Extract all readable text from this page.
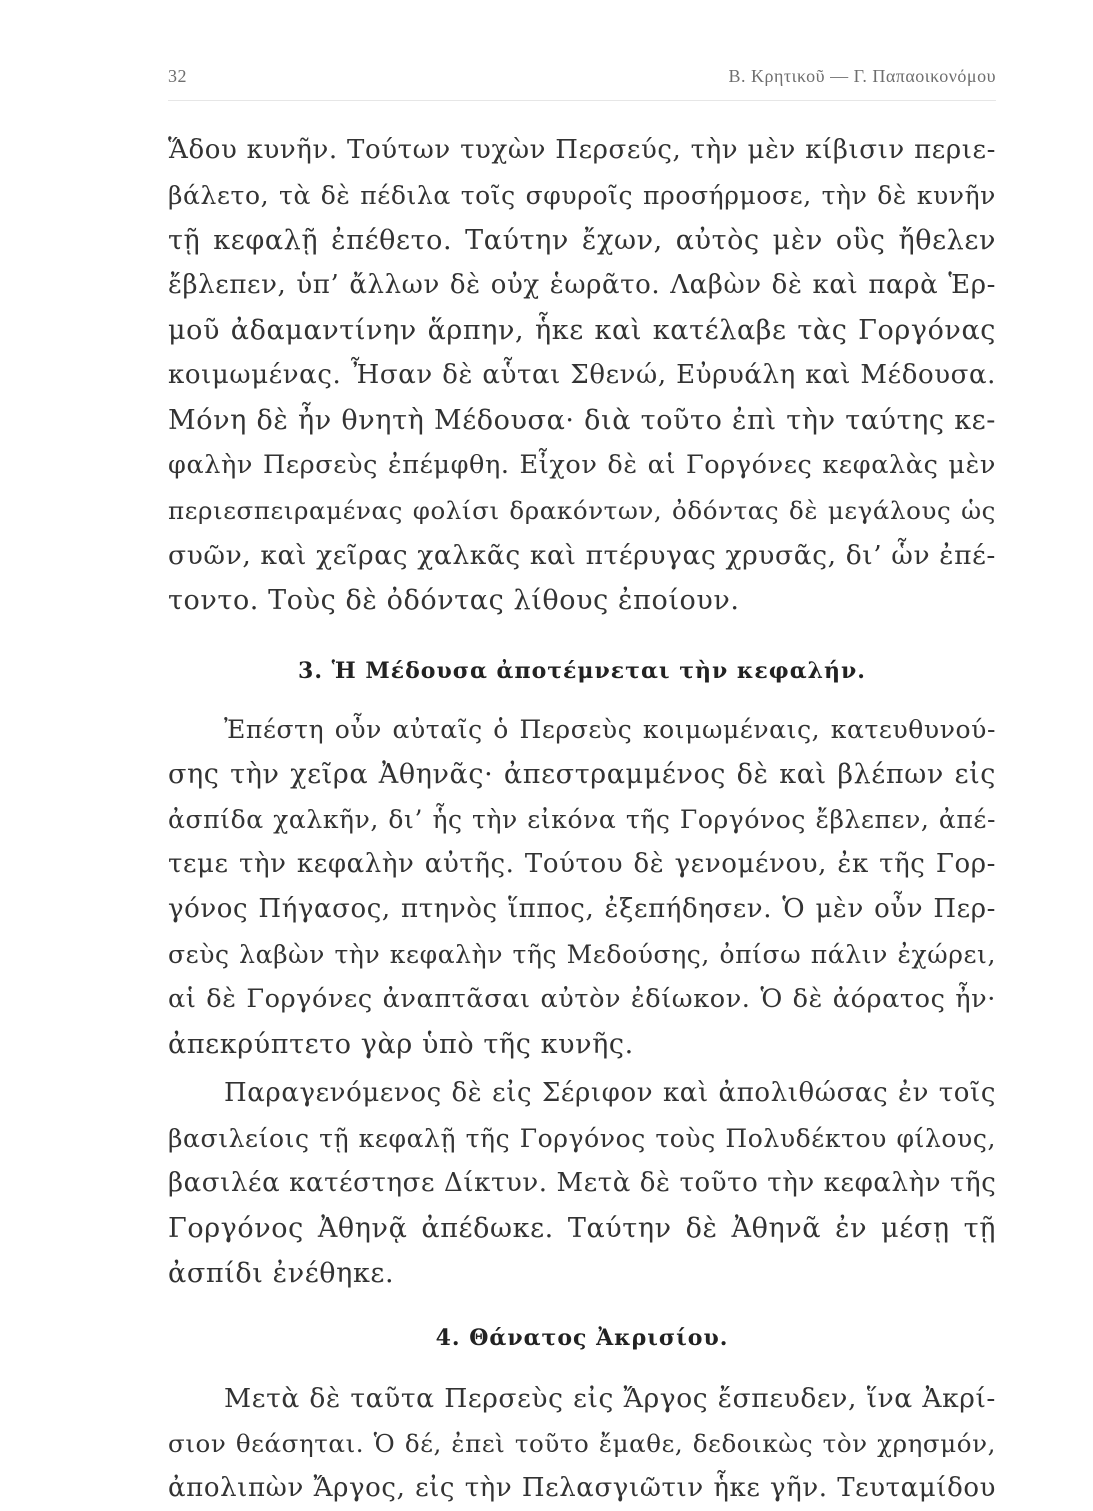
32	Β. Κρητικοῦ — Γ. Παπαοικονόμου
Ἅδου κυνῆν. Τούτων τυχὼν Περσεύς, τὴν μὲν κίβισιν περιε-
βάλετο, τὰ δὲ πέδιλα τοῖς σφυροῖς προσήρμοσε, τὴν δὲ κυνῆν
τῇ κεφαλῇ ἐπέθετο. Ταύτην ἔχων, αὐτὸς μὲν οὓς ἤθελεν
ἔβλεπεν, ὑπ’ ἄλλων δὲ οὐχ ἑωρᾶτο. Λαβὼν δὲ καὶ παρὰ Ἑρ-
μοῦ ἀδαμαντίνην ἅρπην, ἧκε καὶ κατέλαβε τὰς Γοργόνας
κοιμωμένας. Ἦσαν δὲ αὗται Σθενώ, Εὐρυάλη καὶ Μέδουσα.
Μόνη δὲ ἦν θνητὴ Μέδουσα· διὰ τοῦτο ἐπὶ τὴν ταύτης κε-
φαλὴν Περσεὺς ἐπέμφθη. Εἶχον δὲ αἱ Γοργόνες κεφαλὰς μὲν
περιεσπειραμένας φολίσι δρακόντων, ὀδόντας δὲ μεγάλους ὡς
συῶν, καὶ χεῖρας χαλκᾶς καὶ πτέρυγας χρυσᾶς, δι’ ὧν ἐπέ-
τοντο. Τοὺς δὲ ὀδόντας λίθους ἐποίουν.
3. Ἡ Μέδουσα ἀποτέμνεται τὴν κεφαλήν.
Ἐπέστη οὖν αὐταῖς ὁ Περσεὺς κοιμωμέναις, κατευθυνού-
σης τὴν χεῖρα Ἀθηνᾶς· ἀπεστραμμένος δὲ καὶ βλέπων εἰς
ἀσπίδα χαλκῆν, δι’ ἧς τὴν εἰκόνα τῆς Γοργόνος ἔβλεπεν, ἀπέ-
τεμε τὴν κεφαλὴν αὐτῆς. Τούτου δὲ γενομένου, ἐκ τῆς Γορ-
γόνος Πήγασος, πτηνὸς ἵππος, ἐξεπήδησεν. Ὁ μὲν οὖν Περ-
σεὺς λαβὼν τὴν κεφαλὴν τῆς Μεδούσης, ὀπίσω πάλιν ἐχώρει,
αἱ δὲ Γοργόνες ἀναπτᾶσαι αὐτὸν ἐδίωκον. Ὁ δὲ ἀόρατος ἦν·
ἀπεκρύπτετο γὰρ ὑπὸ τῆς κυνῆς.
Παραγενόμενος δὲ εἰς Σέριφον καὶ ἀπολιθώσας ἐν τοῖς
βασιλείοις τῇ κεφαλῇ τῆς Γοργόνος τοὺς Πολυδέκτου φίλους,
βασιλέα κατέστησε Δίκτυν. Μετὰ δὲ τοῦτο τὴν κεφαλὴν τῆς
Γοργόνος Ἀθηνᾷ ἀπέδωκε. Ταύτην δὲ Ἀθηνᾶ ἐν μέσῃ τῇ
ἀσπίδι ἐνέθηκε.
4. Θάνατος Ἀκρισίου.
Μετὰ δὲ ταῦτα Περσεὺς εἰς Ἄργος ἔσπευδεν, ἵνα Ἀκρί-
σιον θεάσηται. Ὁ δέ, ἐπεὶ τοῦτο ἔμαθε, δεδοικὼς τὸν χρησμόν,
ἀπολιπὼν Ἄργος, εἰς τὴν Πελασγιῶτιν ἧκε γῆν. Τευταμίδου
